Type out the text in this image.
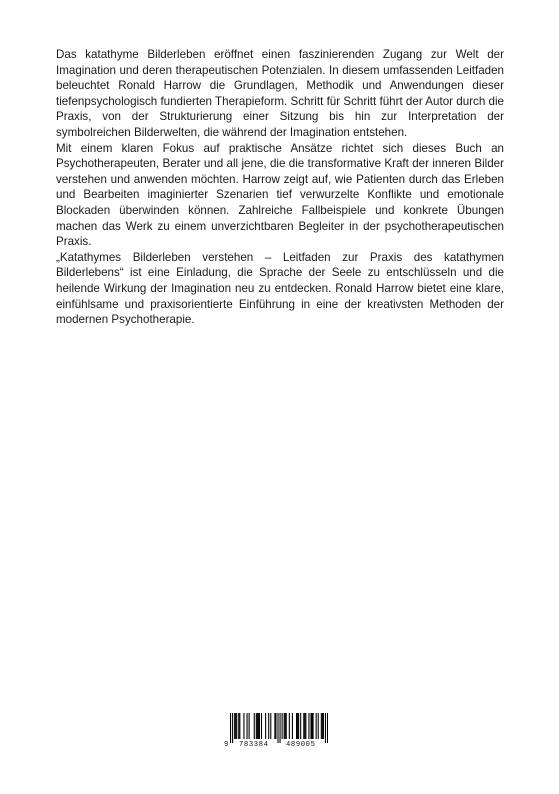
Das katathyme Bilderleben eröffnet einen faszinierenden Zugang zur Welt der Imagination und deren therapeutischen Potenzialen. In diesem umfassenden Leitfaden beleuchtet Ronald Harrow die Grundlagen, Methodik und Anwendungen dieser tiefenpsychologisch fundierten Therapieform. Schritt für Schritt führt der Autor durch die Praxis, von der Strukturierung einer Sitzung bis hin zur Interpretation der symbolreichen Bilderwelten, die während der Imagination entstehen.

Mit einem klaren Fokus auf praktische Ansätze richtet sich dieses Buch an Psychotherapeuten, Berater und all jene, die die transformative Kraft der inneren Bilder verstehen und anwenden möchten. Harrow zeigt auf, wie Patienten durch das Erleben und Bearbeiten imaginierter Szenarien tief verwurzelte Konflikte und emotionale Blockaden überwinden können. Zahlreiche Fallbeispiele und konkrete Übungen machen das Werk zu einem unverzichtbaren Begleiter in der psychotherapeutischen Praxis.

„Katathymes Bilderleben verstehen – Leitfaden zur Praxis des katathymen Bilderlebens“ ist eine Einladung, die Sprache der Seele zu entschlüsseln und die heilende Wirkung der Imagination neu zu entdecken. Ronald Harrow bietet eine klare, einfühlsame und praxisorientierte Einführung in eine der kreativsten Methoden der modernen Psychotherapie.

9 783384 489005
